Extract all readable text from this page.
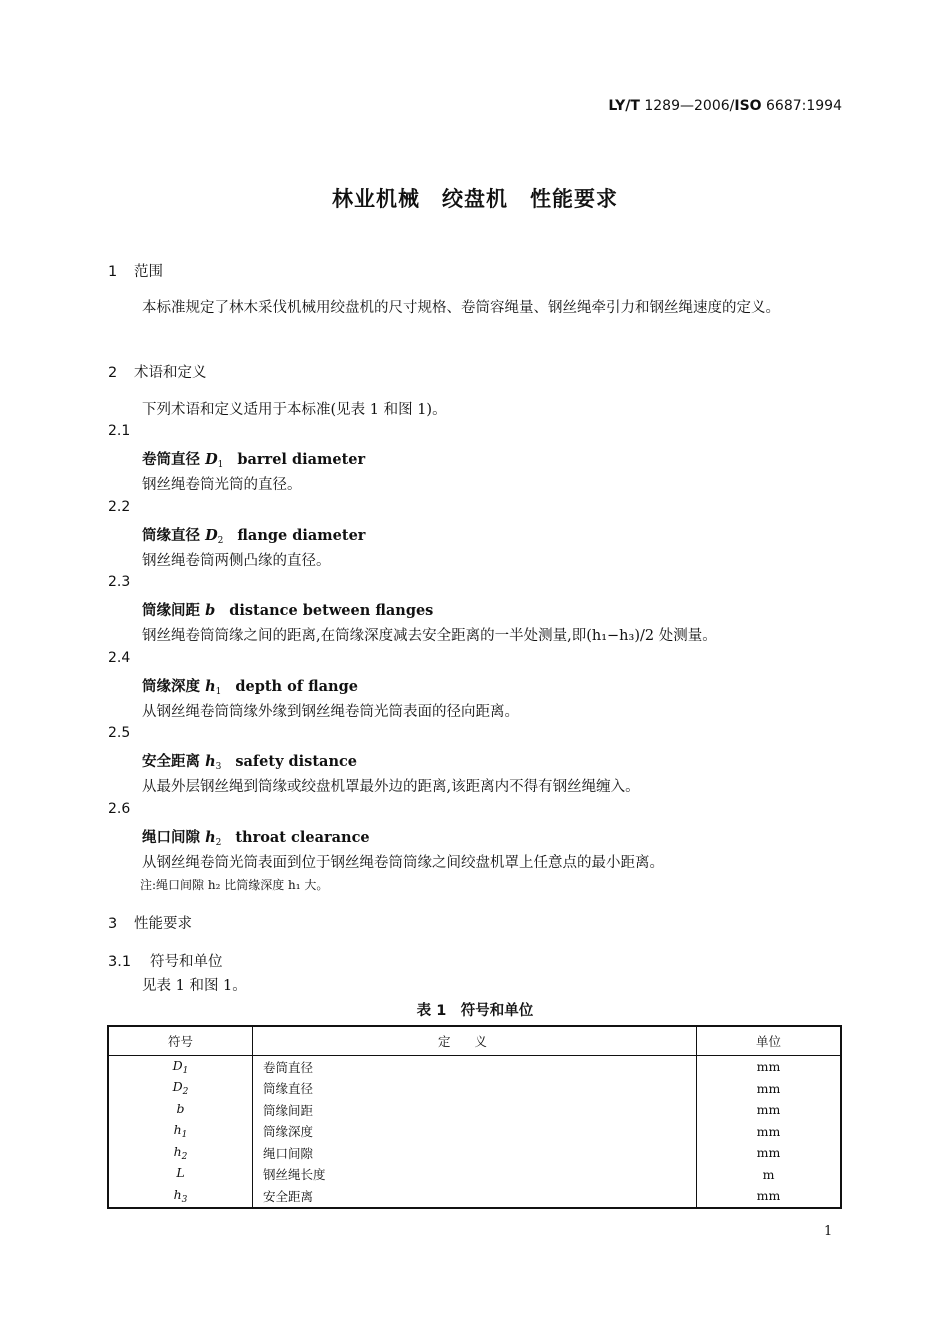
LY/T 1289—2006/ISO 6687:1994
林业机械　绞盘机　性能要求
1 范围
本标准规定了林木采伐机械用绞盘机的尺寸规格、卷筒容绳量、钢丝绳牵引力和钢丝绳速度的定义。
2 术语和定义
下列术语和定义适用于本标准(见表 1 和图 1)。
2.1
卷筒直径 $D_1$ barrel diameter
钢丝绳卷筒光筒的直径。
2.2
筒缘直径 $D_2$ flange diameter
钢丝绳卷筒两侧凸缘的直径。
2.3
筒缘间距 b distance between flanges
钢丝绳卷筒筒缘之间的距离,在筒缘深度减去安全距离的一半处测量,即(h₁−h₃)/2 处测量。
2.4
筒缘深度 $h_1$ depth of flange
从钢丝绳卷筒筒缘外缘到钢丝绳卷筒光筒表面的径向距离。
2.5
安全距离 $h_3$ safety distance
从最外层钢丝绳到筒缘或绞盘机罩最外边的距离,该距离内不得有钢丝绳缠入。
2.6
绳口间隙 $h_2$ throat clearance
从钢丝绳卷筒光筒表面到位于钢丝绳卷筒筒缘之间绞盘机罩上任意点的最小距离。
注:绳口间隙 h₂ 比筒缘深度 h₁ 大。
3 性能要求
3.1 符号和单位
见表 1 和图 1。
表 1　符号和单位
符号	定义	单位
$D_1$	卷筒直径	mm
$D_2$	筒缘直径	mm
b	筒缘间距	mm
$h_1$	筒缘深度	mm
$h_2$	绳口间隙	mm
L	钢丝绳长度	m
$h_3$	安全距离	mm
1
